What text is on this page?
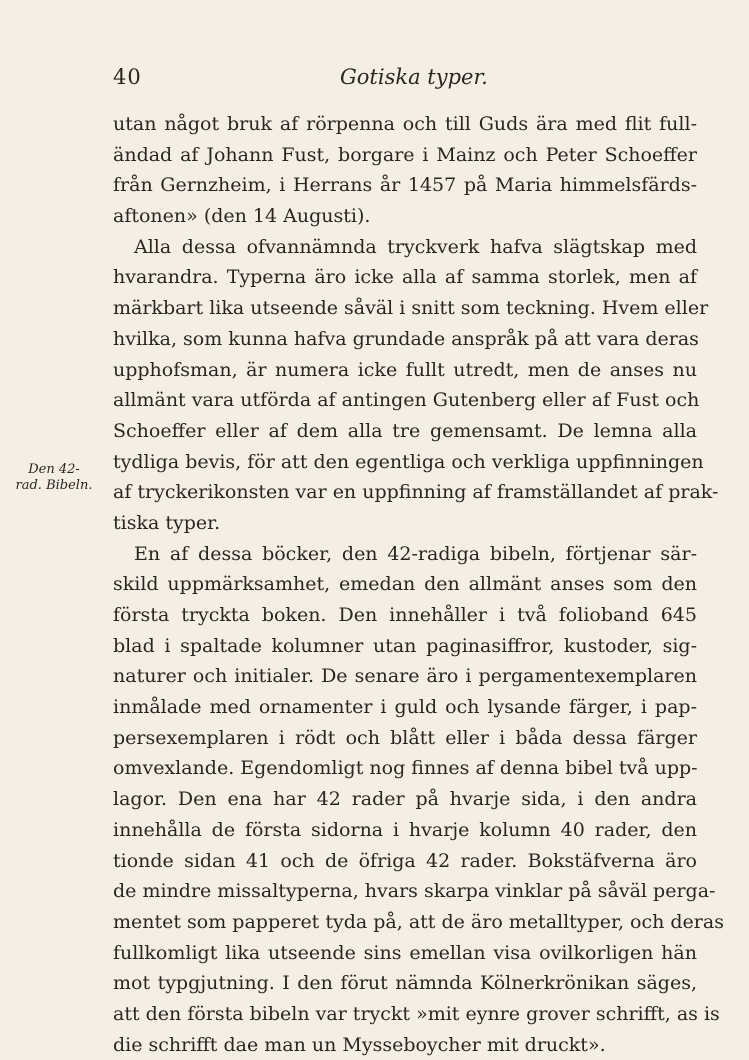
40	Gotiska typer.
Den 42-
rad. Bibeln.
utan något bruk af rörpenna och till Guds ära med flit full-
ändad af Johann Fust, borgare i Mainz och Peter Schoeffer
från Gernzheim, i Herrans år 1457 på Maria himmelsfärds-
aftonen» (den 14 Augusti).
Alla dessa ofvannämnda tryckverk hafva slägtskap med
hvarandra. Typerna äro icke alla af samma storlek, men af
märkbart lika utseende såväl i snitt som teckning. Hvem eller
hvilka, som kunna hafva grundade anspråk på att vara deras
upphofsman, är numera icke fullt utredt, men de anses nu
allmänt vara utförda af antingen Gutenberg eller af Fust och
Schoeffer eller af dem alla tre gemensamt. De lemna alla
tydliga bevis, för att den egentliga och verkliga uppfinningen
af tryckerikonsten var en uppfinning af framställandet af prak-
tiska typer.
En af dessa böcker, den 42-radiga bibeln, förtjenar sär-
skild uppmärksamhet, emedan den allmänt anses som den
första tryckta boken. Den innehåller i två folioband 645
blad i spaltade kolumner utan paginasiffror, kustoder, sig-
naturer och initialer. De senare äro i pergamentexemplaren
inmålade med ornamenter i guld och lysande färger, i pap-
persexemplaren i rödt och blått eller i båda dessa färger
omvexlande. Egendomligt nog finnes af denna bibel två upp-
lagor. Den ena har 42 rader på hvarje sida, i den andra
innehålla de första sidorna i hvarje kolumn 40 rader, den
tionde sidan 41 och de öfriga 42 rader. Bokstäfverna äro
de mindre missaltyperna, hvars skarpa vinklar på såväl perga-
mentet som papperet tyda på, att de äro metalltyper, och deras
fullkomligt lika utseende sins emellan visa ovilkorligen hän
mot typgjutning. I den förut nämnda Kölnerkrönikan säges,
att den första bibeln var tryckt »mit eynre grover schrifft, as is
die schrifft dae man un Mysseboycher mit druckt».
